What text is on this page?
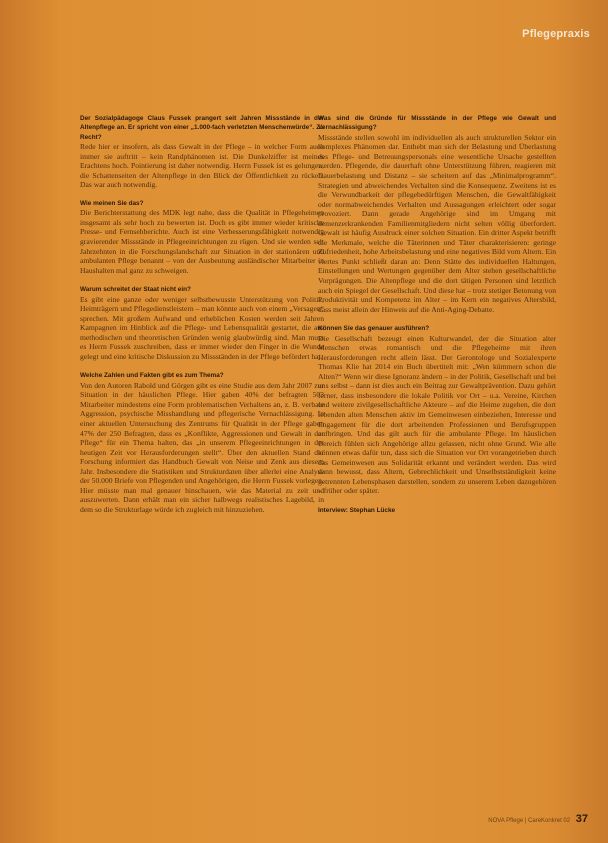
Pflegepraxis

Der Sozialpädagoge Claus Fussek prangert seit Jahren Missstände in der Altenpflege an. Er spricht von einer „1.000-fach verletzten Menschenwürde“. Zu Recht?

Rede hier er insofern, als dass Gewalt in der Pflege – in welcher Form auch immer sie auftritt – kein Randphänomen ist. Die Dunkelziffer ist meines Erachtens hoch. Pointierung ist daher notwendig. Herrn Fussek ist es gelungen, die Schattenseiten der Altenpflege in den Blick der Öffentlichkeit zu rücken. Das war auch notwendig.

Wie meinen Sie das?

Die Berichterstattung des MDK legt nahe, dass die Qualität in Pflegeheimen insgesamt als sehr hoch zu bewerten ist. Doch es gibt immer wieder kritische Presse- und Fernsehberichte. Auch ist eine Verbesserungsfähigkeit notwendig gravierender Missstände in Pflegeeinrichtungen zu rügen. Und sie werden seit Jahrzehnten in die Forschungslandschaft zur Situation in der stationären und ambulanten Pflege benannt – von der Ausbeutung ausländischer Mitarbeiter in Haushalten mal ganz zu schweigen.

Warum schreitet der Staat nicht ein?

Es gibt eine ganze oder weniger selbstbewusste Unterstützung von Politik, Heimträgern und Pflegedienstleistern – man könnte auch von einem „Versagen“ sprechen. Mit großem Aufwand und erheblichen Kosten werden seit Jahren Kampagnen im Hinblick auf die Pflege- und Lebensqualität gestartet, die aus methodischen und theoretischen Gründen wenig glaubwürdig sind. Man muss es Herrn Fussek zuschreiben, dass er immer wieder den Finger in die Wunde gelegt und eine kritische Diskussion zu Missständen in der Pflege befördert hat.

Welche Zahlen und Fakten gibt es zum Thema?

Von den Autoren Rabold und Görgen gibt es eine Studie aus dem Jahr 2007 zur Situation in der häuslichen Pflege. Hier gaben 40% der befragten 503 Mitarbeiter mindestens eine Form problematischen Verhaltens an, z. B. verbale Aggression, psychische Misshandlung und pflegerische Vernachlässigung. In einer aktuellen Untersuchung des Zentrums für Qualität in der Pflege gaben 47% der 250 Befragten, dass es „Konflikte, Aggressionen und Gewalt in der Pflege“ für ein Thema halten, das „in unserem Pflegeeinrichtungen in der heutigen Zeit vor Herausforderungen stellt“. Über den aktuellen Stand der Forschung informiert das Handbuch Gewalt von Neise und Zenk aus diesem Jahr. Insbesondere die Statistiken und Strukturdaten über allerlei eine Analyse der 50.000 Briefe von Pflegenden und Angehörigen, die Herrn Fussek vorlegen. Hier müsste man mal genauer hinschauen, wie das Material zu zeit und auszuwerten. Dann erhält man ein sicher halbwegs realistisches Lagebild, in dem so die Strukturlage würde ich zugleich mit hinzuziehen.

Was sind die Gründe für Missstände in der Pflege wie Gewalt und Vernachlässigung?

Missstände stellen sowohl im individuellen als auch strukturellen Sektor ein komplexes Phänomen dar. Enthebt man sich der Belastung und Überlastung des Pflege- und Betreuungspersonals eine wesentliche Ursache gestellten werden. Pflegende, die dauerhaft ohne Unterstützung führen, reagieren mit Dauerbelastung und Distanz – sie scheitern auf das „Minimalprogramm“. Strategien und abweichendes Verhalten sind die Konsequenz. Zweitens ist es die Verwundbarkeit der pflegebedürftigen Menschen, die Gewaltfähigkeit oder normabweichendes Verhalten und Aussagungen erleichtert oder sogar provoziert. Dann gerade Angehörige sind im Umgang mit demenzerkrankenden Familienmitgliedern nicht selten völlig überfordert. Gewalt ist häufig Ausdruck einer solchen Situation. Ein dritter Aspekt betrifft die Merkmale, welche die Täterinnen und Täter charakterisieren: geringe Zufriedenheit, hohe Arbeitsbelastung und eine negatives Bild vom Altern. Ein viertes Punkt schließt daran an: Denn Stätte des individuellen Haltungen, Einstellungen und Wertungen gegenüber dem Alter stehen gesellschaftliche Vorprägungen. Die Altenpflege und die dort tätigen Personen sind letztlich auch ein Spiegel der Gesellschaft. Und diese hat – trotz stetiger Betonung von Produktivität und Kompetenz im Alter – im Kern ein negatives Altersbild, dass meist allein der Hinweis auf die Anti-Aging-Debatte.

Können Sie das genauer ausführen?

Die Gesellschaft bezeugt einen Kulturwandel, der die Situation alter Menschen etwas romantisch und die Pflegeheime mit ihren Herausforderungen recht allein lässt. Der Gerontologe und Sozialexperte Thomas Klie hat 2014 ein Buch übertitelt mit: „Wen kümmern schon die Alten?“ Wenn wir diese Ignoranz ändern – in der Politik, Gesellschaft und bei uns selbst – dann ist dies auch ein Beitrag zur Gewaltprävention. Dazu gehört ferner, dass insbesondere die lokale Politik vor Ort – u.a. Vereine, Kirchen und weitere zivilgesellschaftliche Akteure – auf die Heime zugehen, die dort lebenden alten Menschen aktiv im Gemeinwesen einbeziehen, Interesse und Engagement für die dort arbeitenden Professionen und Berufsgruppen aufbringen. Und das gilt auch für die ambulante Pflege. Im häuslichen Bereich fühlen sich Angehörige allzu gelassen, nicht ohne Grund. Wie alle können etwas dafür tun, dass sich die Situation vor Ort vorangetrieben durch das Gemeinwesen aus Solidarität erkannt und verändert werden. Das wird dann bewusst, dass Altern, Gebrechlichkeit und Unselbstständigkeit keine getrennten Lebensphasen darstellen, sondern zu unserem Leben dazugehören – früher oder später.

Interview: Stephan Lücke
NOVA Pflege | CareKonkret 02 37
